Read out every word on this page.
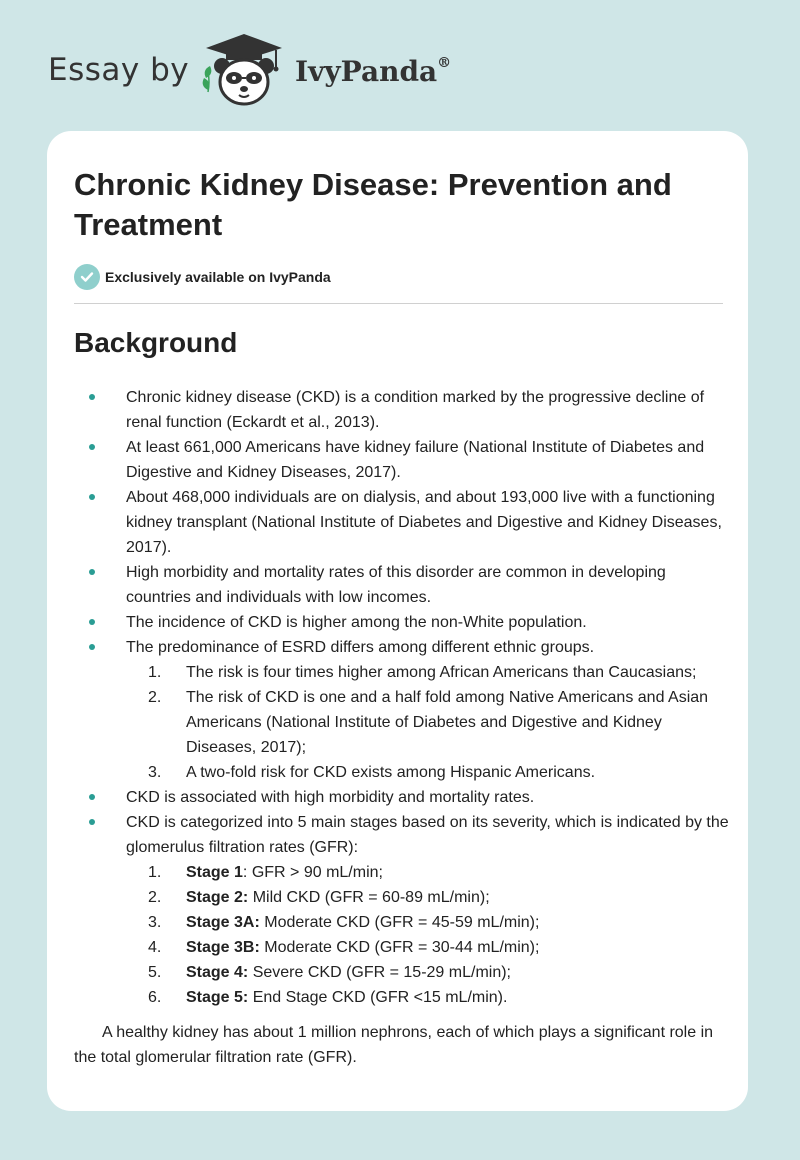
Essay by	IvyPanda®
Chronic Kidney Disease: Prevention and Treatment
Exclusively available on IvyPanda
Background
Chronic kidney disease (CKD) is a condition marked by the progressive decline of renal function (Eckardt et al., 2013).
At least 661,000 Americans have kidney failure (National Institute of Diabetes and Digestive and Kidney Diseases, 2017).
About 468,000 individuals are on dialysis, and about 193,000 live with a functioning kidney transplant (National Institute of Diabetes and Digestive and Kidney Diseases, 2017).
High morbidity and mortality rates of this disorder are common in developing countries and individuals with low incomes.
The incidence of CKD is higher among the non-White population.
The predominance of ESRD differs among different ethnic groups.
1. The risk is four times higher among African Americans than Caucasians;
2. The risk of CKD is one and a half fold among Native Americans and Asian Americans (National Institute of Diabetes and Digestive and Kidney Diseases, 2017);
3. A two-fold risk for CKD exists among Hispanic Americans.
CKD is associated with high morbidity and mortality rates.
CKD is categorized into 5 main stages based on its severity, which is indicated by the glomerulus filtration rates (GFR):
1. Stage 1: GFR > 90 mL/min;
2. Stage 2: Mild CKD (GFR = 60-89 mL/min);
3. Stage 3A: Moderate CKD (GFR = 45-59 mL/min);
4. Stage 3B: Moderate CKD (GFR = 30-44 mL/min);
5. Stage 4: Severe CKD (GFR = 15-29 mL/min);
6. Stage 5: End Stage CKD (GFR <15 mL/min).

A healthy kidney has about 1 million nephrons, each of which plays a significant role in the total glomerular filtration rate (GFR).
